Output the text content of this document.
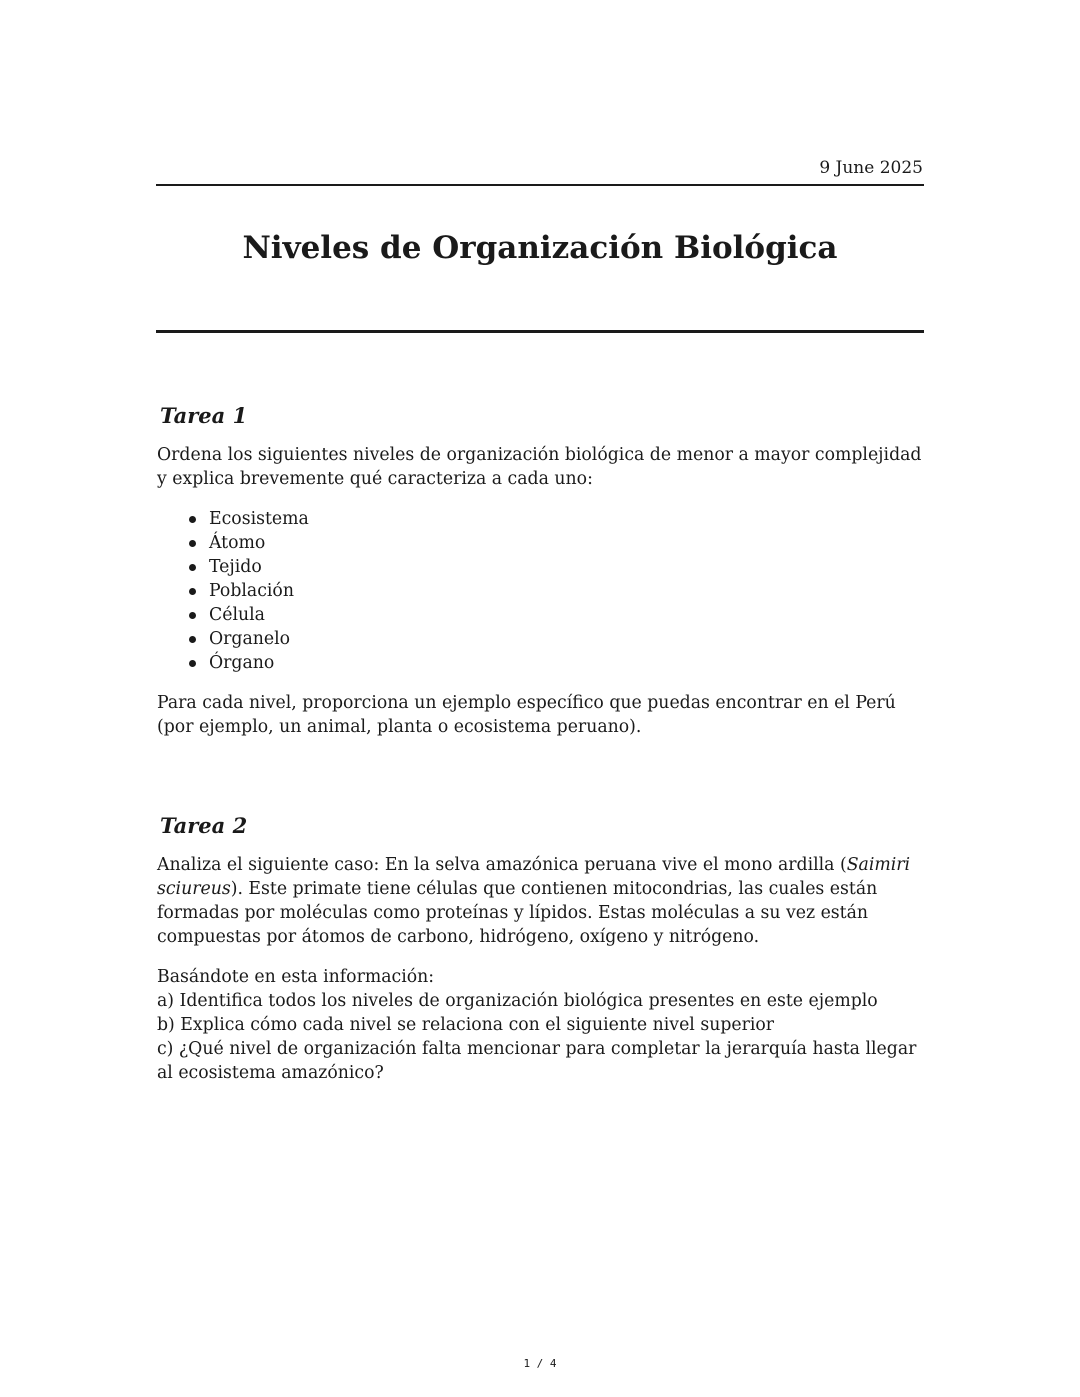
9 June 2025
Niveles de Organización Biológica
Tarea 1

Ordena los siguientes niveles de organización biológica de menor a mayor complejidad y explica brevemente qué caracteriza a cada uno:

Ecosistema
Átomo
Tejido
Población
Célula
Organelo
Órgano

Para cada nivel, proporciona un ejemplo específico que puedas encontrar en el Perú (por ejemplo, un animal, planta o ecosistema peruano).

Tarea 2

Analiza el siguiente caso: En la selva amazónica peruana vive el mono ardilla (Saimiri sciureus). Este primate tiene células que contienen mitocondrias, las cuales están formadas por moléculas como proteínas y lípidos. Estas moléculas a su vez están compuestas por átomos de carbono, hidrógeno, oxígeno y nitrógeno.

Basándote en esta información:
a) Identifica todos los niveles de organización biológica presentes en este ejemplo
b) Explica cómo cada nivel se relaciona con el siguiente nivel superior
c) ¿Qué nivel de organización falta mencionar para completar la jerarquía hasta llegar al ecosistema amazónico?

1 / 4
